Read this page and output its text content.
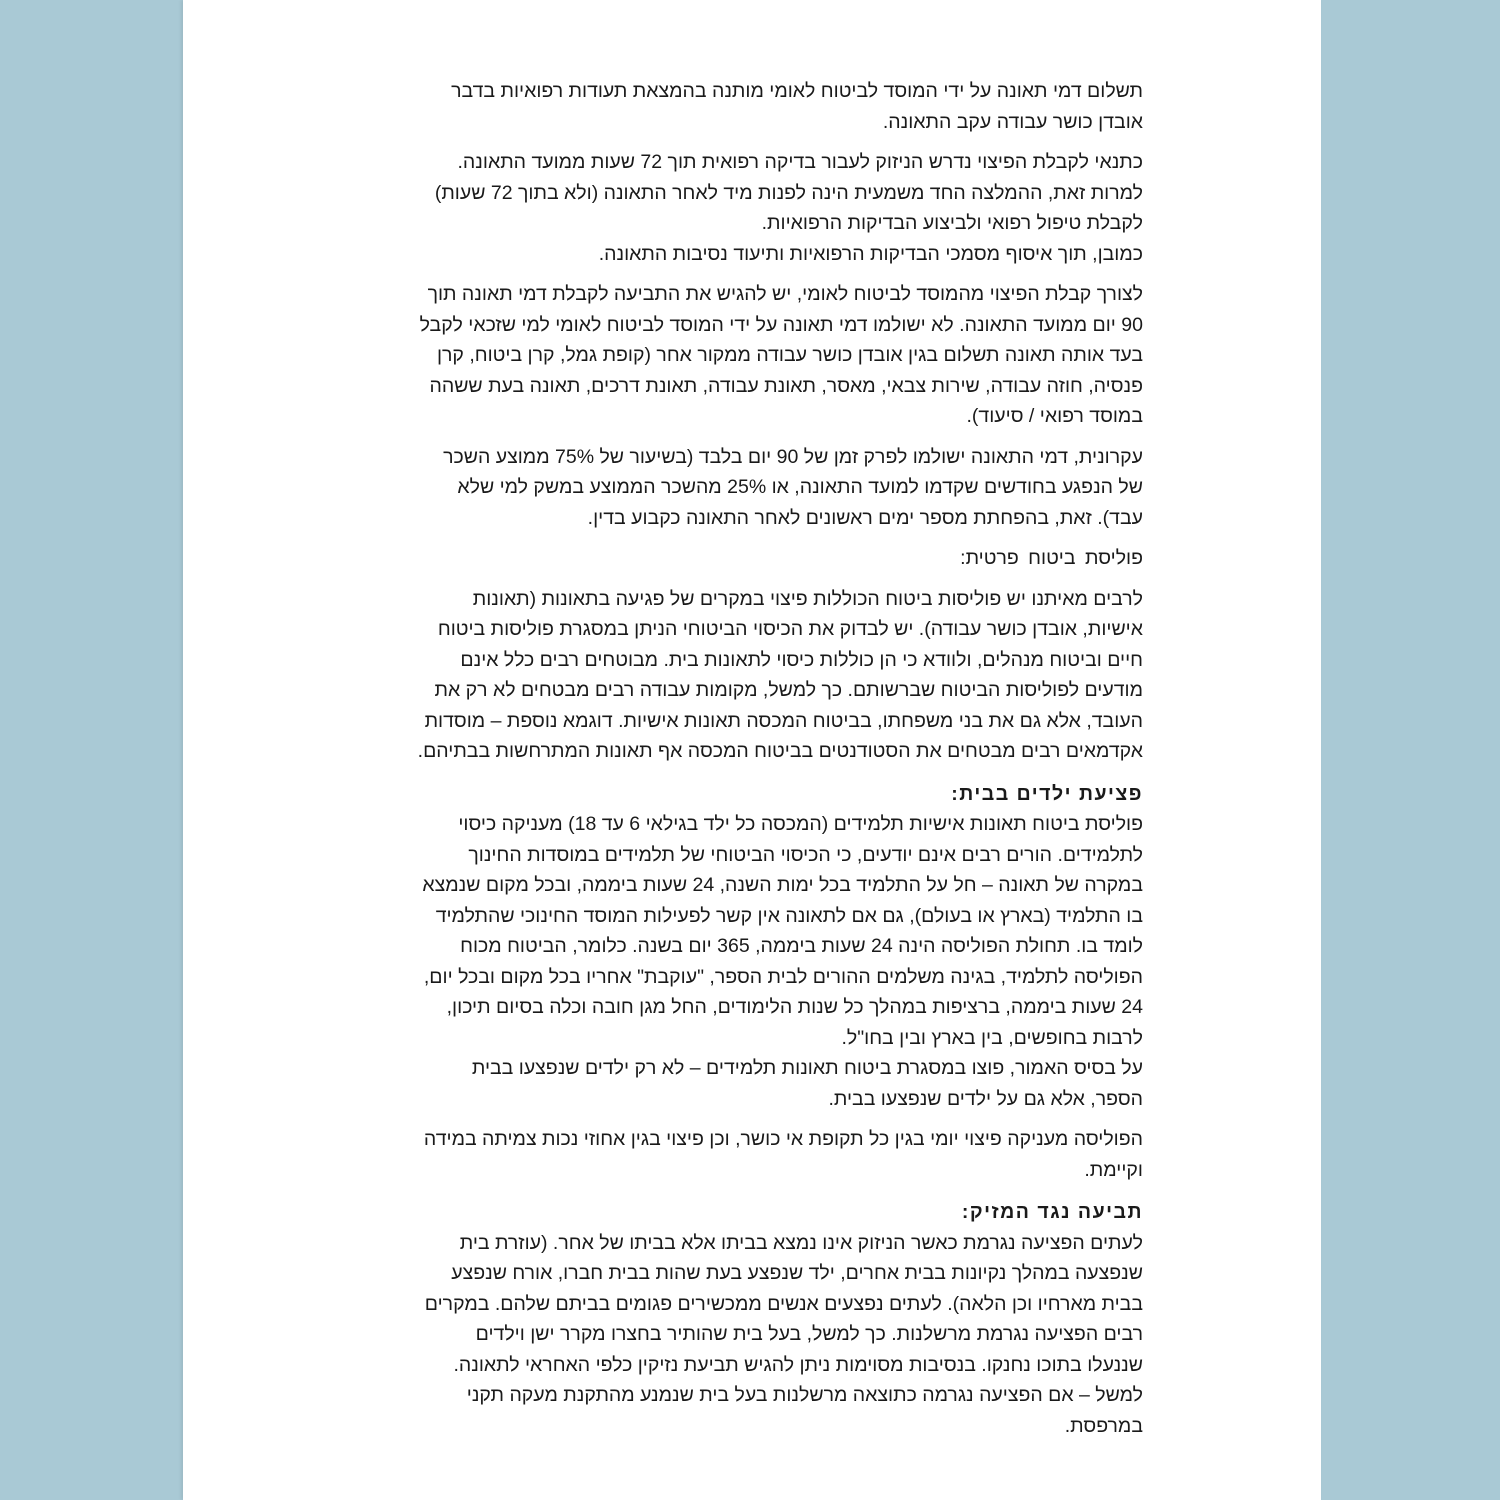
תשלום דמי תאונה על ידי המוסד לביטוח לאומי מותנה בהמצאת תעודות רפואיות בדבר
אובדן כושר עבודה עקב התאונה.

כתנאי לקבלת הפיצוי נדרש הניזוק לעבור בדיקה רפואית תוך 72 שעות ממועד התאונה.
למרות זאת, ההמלצה החד משמעית הינה לפנות מיד לאחר התאונה (ולא בתוך 72 שעות)
לקבלת טיפול רפואי ולביצוע הבדיקות הרפואיות.
כמובן, תוך איסוף מסמכי הבדיקות הרפואיות ותיעוד נסיבות התאונה.

לצורך קבלת הפיצוי מהמוסד לביטוח לאומי, יש להגיש את התביעה לקבלת דמי תאונה תוך
90 יום ממועד התאונה. לא ישולמו דמי תאונה על ידי המוסד לביטוח לאומי למי שזכאי לקבל
בעד אותה תאונה תשלום בגין אובדן כושר עבודה ממקור אחר (קופת גמל, קרן ביטוח, קרן
פנסיה, חוזה עבודה, שירות צבאי, מאסר, תאונת עבודה, תאונת דרכים, תאונה בעת ששהה
במוסד רפואי / סיעוד).

עקרונית, דמי התאונה ישולמו לפרק זמן של 90 יום בלבד (בשיעור של 75% ממוצע השכר
של הנפגע בחודשים שקדמו למועד התאונה, או 25% מהשכר הממוצע במשק למי שלא
עבד). זאת, בהפחתת מספר ימים ראשונים לאחר התאונה כקבוע בדין.

פוליסת ביטוח פרטית:

לרבים מאיתנו יש פוליסות ביטוח הכוללות פיצוי במקרים של פגיעה בתאונות (תאונות
אישיות, אובדן כושר עבודה). יש לבדוק את הכיסוי הביטוחי הניתן במסגרת פוליסות ביטוח
חיים וביטוח מנהלים, ולוודא כי הן כוללות כיסוי לתאונות בית. מבוטחים רבים כלל אינם
מודעים לפוליסות הביטוח שברשותם. כך למשל, מקומות עבודה רבים מבטחים לא רק את
העובד, אלא גם את בני משפחתו, בביטוח המכסה תאונות אישיות. דוגמא נוספת – מוסדות
אקדמאים רבים מבטחים את הסטודנטים בביטוח המכסה אף תאונות המתרחשות בבתיהם.

פציעת ילדים בבית:
פוליסת ביטוח תאונות אישיות תלמידים (המכסה כל ילד בגילאי 6 עד 18) מעניקה כיסוי
לתלמידים. הורים רבים אינם יודעים, כי הכיסוי הביטוחי של תלמידים במוסדות החינוך
במקרה של תאונה – חל על התלמיד בכל ימות השנה, 24 שעות ביממה, ובכל מקום שנמצא
בו התלמיד (בארץ או בעולם), גם אם לתאונה אין קשר לפעילות המוסד החינוכי שהתלמיד
לומד בו. תחולת הפוליסה הינה 24 שעות ביממה, 365 יום בשנה. כלומר, הביטוח מכוח
הפוליסה לתלמיד, בגינה משלמים ההורים לבית הספר, "עוקבת" אחריו בכל מקום ובכל יום,
24 שעות ביממה, ברציפות במהלך כל שנות הלימודים, החל מגן חובה וכלה בסיום תיכון,
לרבות בחופשים, בין בארץ ובין בחו"ל.
על בסיס האמור, פוצו במסגרת ביטוח תאונות תלמידים – לא רק ילדים שנפצעו בבית
הספר, אלא גם על ילדים שנפצעו בבית.

הפוליסה מעניקה פיצוי יומי בגין כל תקופת אי כושר, וכן פיצוי בגין אחוזי נכות צמיתה במידה
וקיימת.

תביעה נגד המזיק:
לעתים הפציעה נגרמת כאשר הניזוק אינו נמצא בביתו אלא בביתו של אחר. (עוזרת בית
שנפצעה במהלך נקיונות בבית אחרים, ילד שנפצע בעת שהות בבית חברו, אורח שנפצע
בבית מארחיו וכן הלאה). לעתים נפצעים אנשים ממכשירים פגומים בביתם שלהם. במקרים
רבים הפציעה נגרמת מרשלנות. כך למשל, בעל בית שהותיר בחצרו מקרר ישן וילדים
שננעלו בתוכו נחנקו. בנסיבות מסוימות ניתן להגיש תביעת נזיקין כלפי האחראי לתאונה.
למשל – אם הפציעה נגרמה כתוצאה מרשלנות בעל בית שנמנע מהתקנת מעקה תקני
במרפסת.
